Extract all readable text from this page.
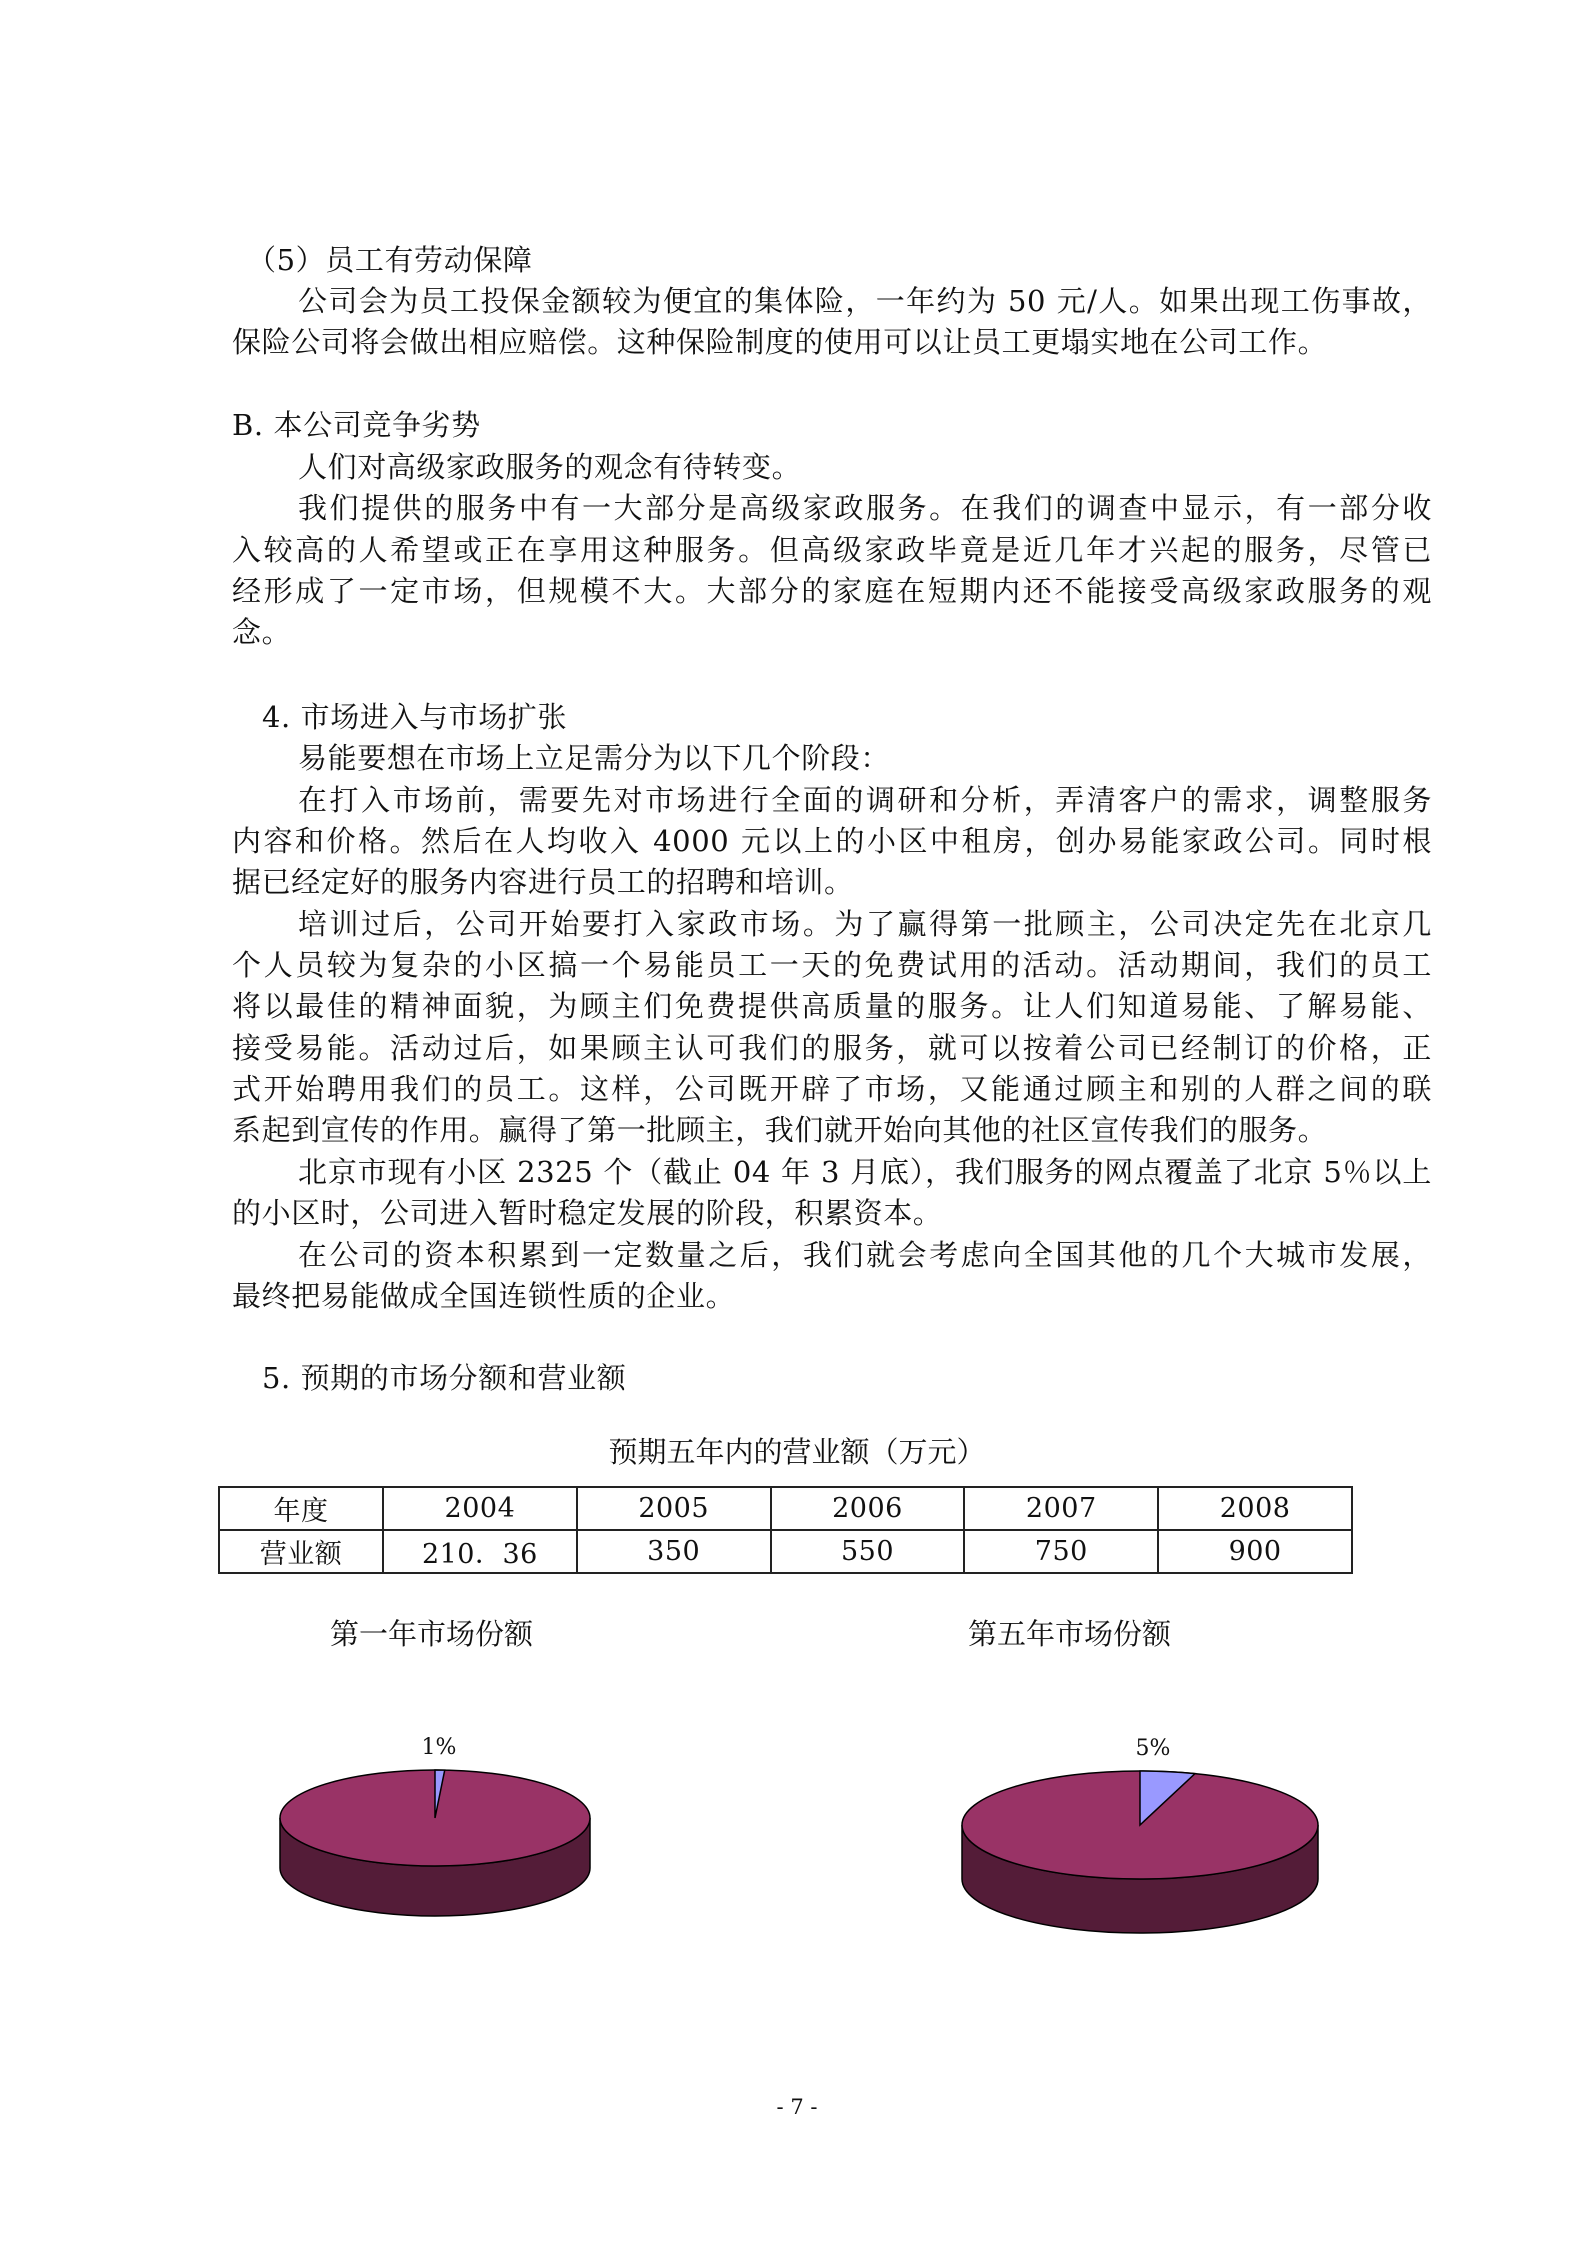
（5）员工有劳动保障
公司会为员工投保金额较为便宜的集体险，一年约为 50 元/人。如果出现工伤事故，
保险公司将会做出相应赔偿。这种保险制度的使用可以让员工更塌实地在公司工作。
B. 本公司竞争劣势
人们对高级家政服务的观念有待转变。
我们提供的服务中有一大部分是高级家政服务。在我们的调查中显示，有一部分收
入较高的人希望或正在享用这种服务。但高级家政毕竟是近几年才兴起的服务，尽管已
经形成了一定市场，但规模不大。大部分的家庭在短期内还不能接受高级家政服务的观
念。
4. 市场进入与市场扩张
易能要想在市场上立足需分为以下几个阶段：
在打入市场前，需要先对市场进行全面的调研和分析，弄清客户的需求，调整服务
内容和价格。然后在人均收入 4000 元以上的小区中租房，创办易能家政公司。同时根
据已经定好的服务内容进行员工的招聘和培训。
培训过后，公司开始要打入家政市场。为了赢得第一批顾主，公司决定先在北京几
个人员较为复杂的小区搞一个易能员工一天的免费试用的活动。活动期间，我们的员工
将以最佳的精神面貌，为顾主们免费提供高质量的服务。让人们知道易能、了解易能、
接受易能。活动过后，如果顾主认可我们的服务，就可以按着公司已经制订的价格，正
式开始聘用我们的员工。这样，公司既开辟了市场，又能通过顾主和别的人群之间的联
系起到宣传的作用。赢得了第一批顾主，我们就开始向其他的社区宣传我们的服务。
北京市现有小区 2325 个（截止 04 年 3 月底），我们服务的网点覆盖了北京 5％以上
的小区时，公司进入暂时稳定发展的阶段，积累资本。
在公司的资本积累到一定数量之后，我们就会考虑向全国其他的几个大城市发展，
最终把易能做成全国连锁性质的企业。
5. 预期的市场分额和营业额
预期五年内的营业额（万元）
年度	2004	2005	2006	2007	2008
营业额	210．36	350	550	750	900
第一年市场份额	第五年市场份额
1%	5%
- 7 -
